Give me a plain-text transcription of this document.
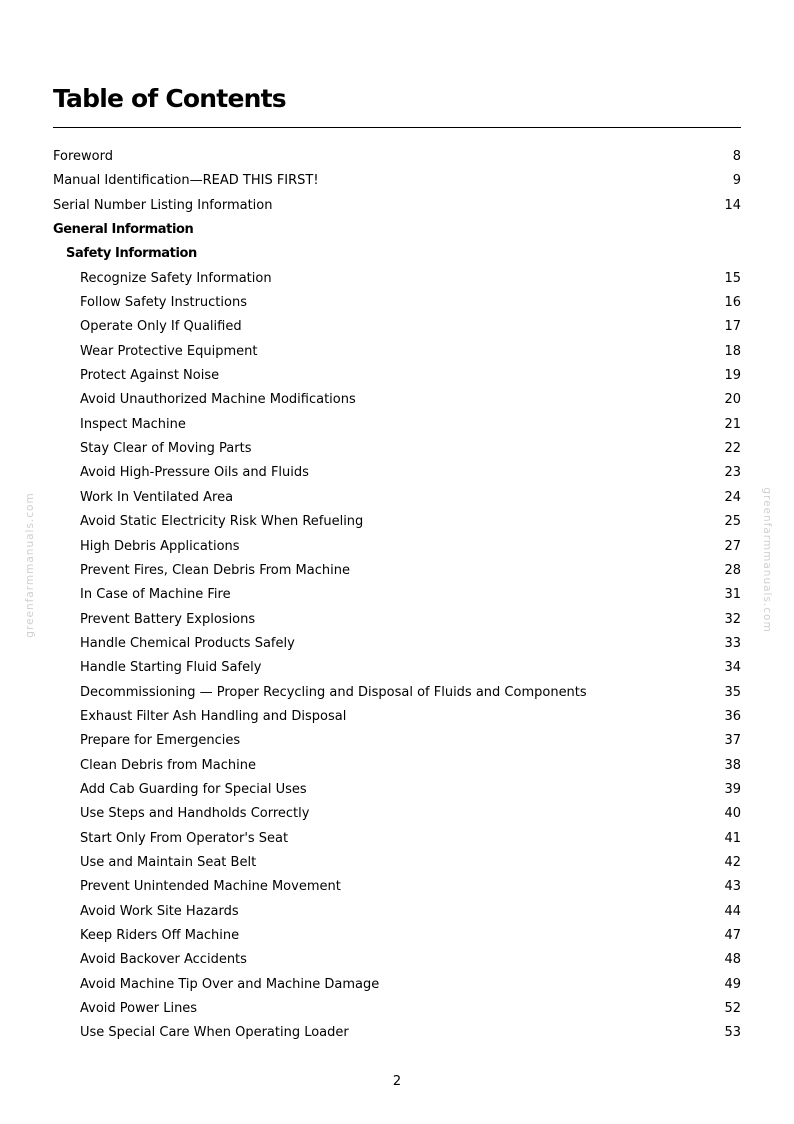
Table of Contents
Foreword	8
Manual Identification—READ THIS FIRST!	9
Serial Number Listing Information	14
General Information
Safety Information
Recognize Safety Information	15
Follow Safety Instructions	16
Operate Only If Qualified	17
Wear Protective Equipment	18
Protect Against Noise	19
Avoid Unauthorized Machine Modifications	20
Inspect Machine	21
Stay Clear of Moving Parts	22
Avoid High-Pressure Oils and Fluids	23
Work In Ventilated Area	24
Avoid Static Electricity Risk When Refueling	25
High Debris Applications	27
Prevent Fires, Clean Debris From Machine	28
In Case of Machine Fire	31
Prevent Battery Explosions	32
Handle Chemical Products Safely	33
Handle Starting Fluid Safely	34
Decommissioning — Proper Recycling and Disposal of Fluids and Components	35
Exhaust Filter Ash Handling and Disposal	36
Prepare for Emergencies	37
Clean Debris from Machine	38
Add Cab Guarding for Special Uses	39
Use Steps and Handholds Correctly	40
Start Only From Operator's Seat	41
Use and Maintain Seat Belt	42
Prevent Unintended Machine Movement	43
Avoid Work Site Hazards	44
Keep Riders Off Machine	47
Avoid Backover Accidents	48
Avoid Machine Tip Over and Machine Damage	49
Avoid Power Lines	52
Use Special Care When Operating Loader	53
greenfarmmanuals.com	greenfarmmanuals.com
2
